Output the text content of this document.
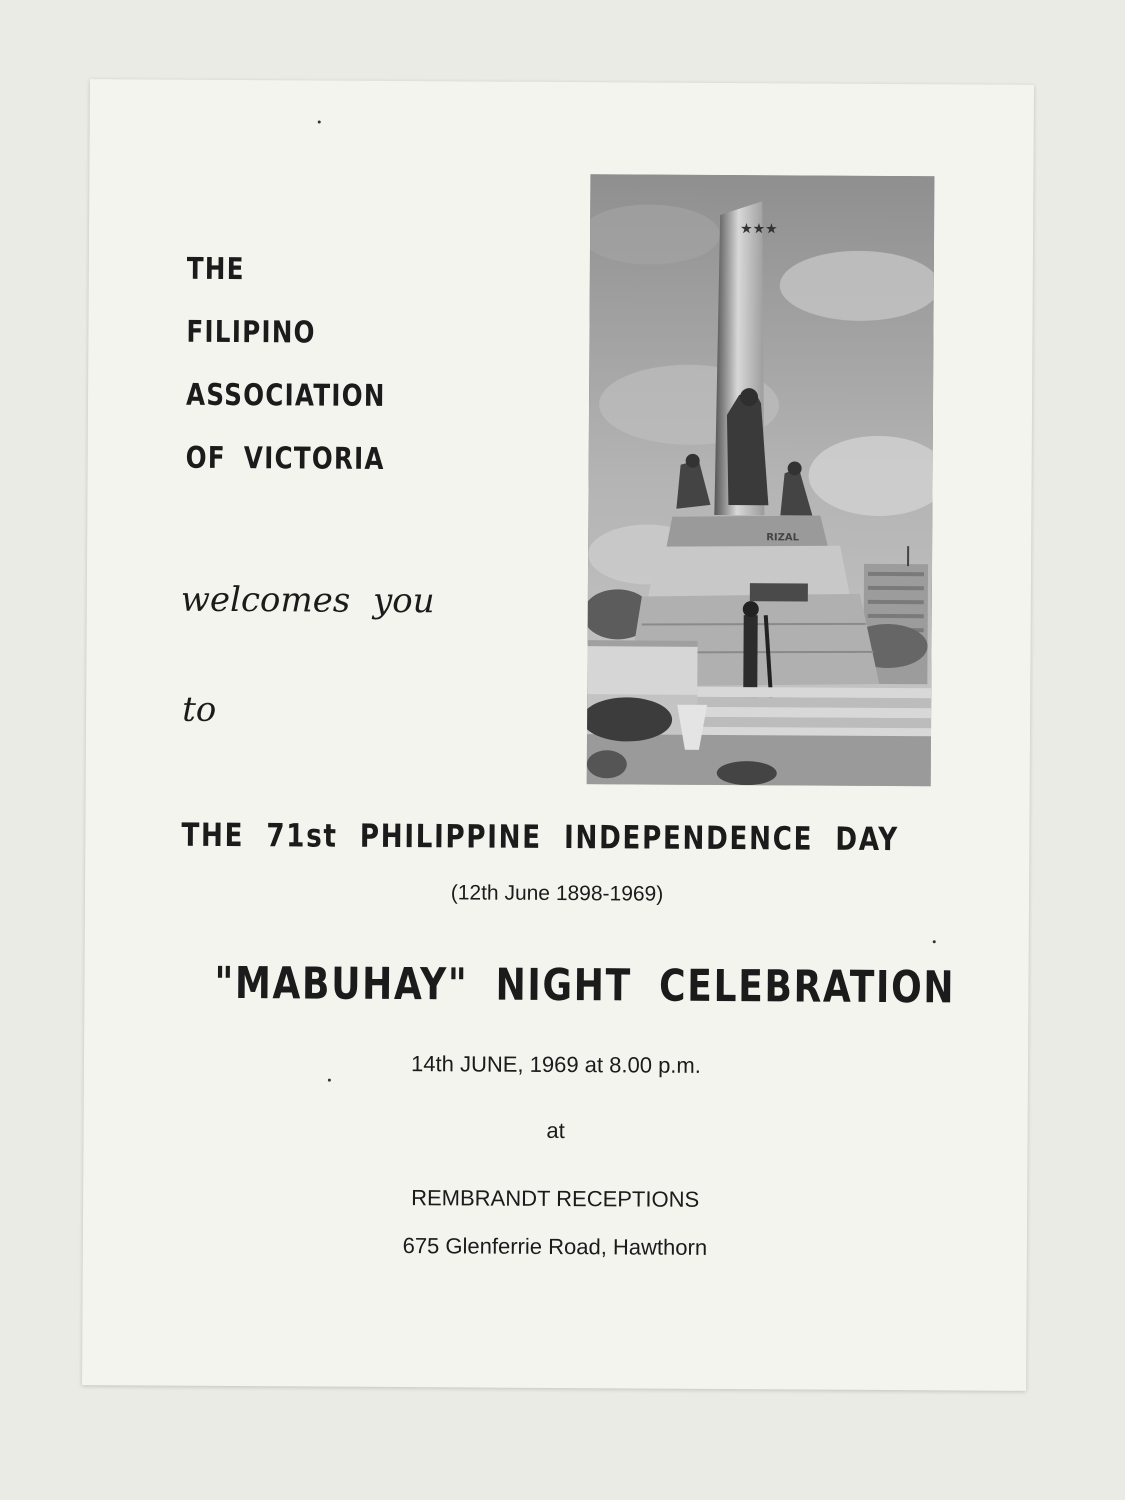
THE
FILIPINO
ASSOCIATION
OF VICTORIA
welcomes you
to
★★★
RIZAL
THE 71st PHILIPPINE INDEPENDENCE DAY
(12th June 1898-1969)
"MABUHAY" NIGHT CELEBRATION
14th JUNE, 1969 at 8.00 p.m.
at
REMBRANDT RECEPTIONS
675 Glenferrie Road, Hawthorn
